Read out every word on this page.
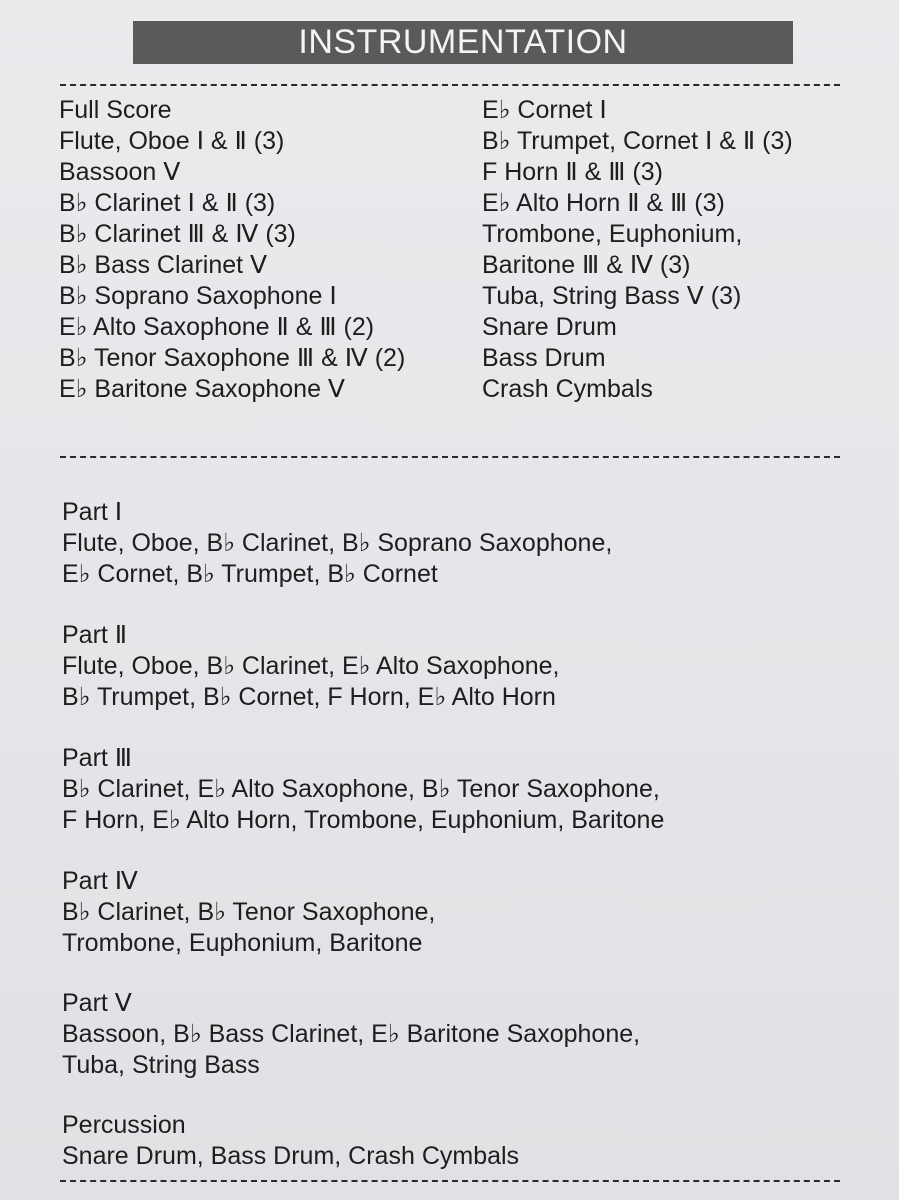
INSTRUMENTATION
Full Score
Flute, Oboe Ⅰ & Ⅱ (3)
Bassoon Ⅴ
B♭ Clarinet Ⅰ & Ⅱ (3)
B♭ Clarinet Ⅲ & Ⅳ (3)
B♭ Bass Clarinet Ⅴ
B♭ Soprano Saxophone Ⅰ
E♭ Alto Saxophone Ⅱ & Ⅲ (2)
B♭ Tenor Saxophone Ⅲ & Ⅳ (2)
E♭ Baritone Saxophone Ⅴ
E♭ Cornet Ⅰ
B♭ Trumpet, Cornet Ⅰ & Ⅱ (3)
F Horn Ⅱ & Ⅲ (3)
E♭ Alto Horn Ⅱ & Ⅲ (3)
Trombone, Euphonium,
Baritone Ⅲ & Ⅳ (3)
Tuba, String Bass Ⅴ (3)
Snare Drum
Bass Drum
Crash Cymbals
Part Ⅰ
Flute, Oboe, B♭ Clarinet, B♭ Soprano Saxophone,
E♭ Cornet, B♭ Trumpet, B♭ Cornet
Part Ⅱ
Flute, Oboe, B♭ Clarinet, E♭ Alto Saxophone,
B♭ Trumpet, B♭ Cornet, F Horn, E♭ Alto Horn
Part Ⅲ
B♭ Clarinet, E♭ Alto Saxophone, B♭ Tenor Saxophone,
F Horn, E♭ Alto Horn, Trombone, Euphonium, Baritone
Part Ⅳ
B♭ Clarinet, B♭ Tenor Saxophone,
Trombone, Euphonium, Baritone
Part Ⅴ
Bassoon, B♭ Bass Clarinet, E♭ Baritone Saxophone,
Tuba, String Bass
Percussion
Snare Drum, Bass Drum, Crash Cymbals
